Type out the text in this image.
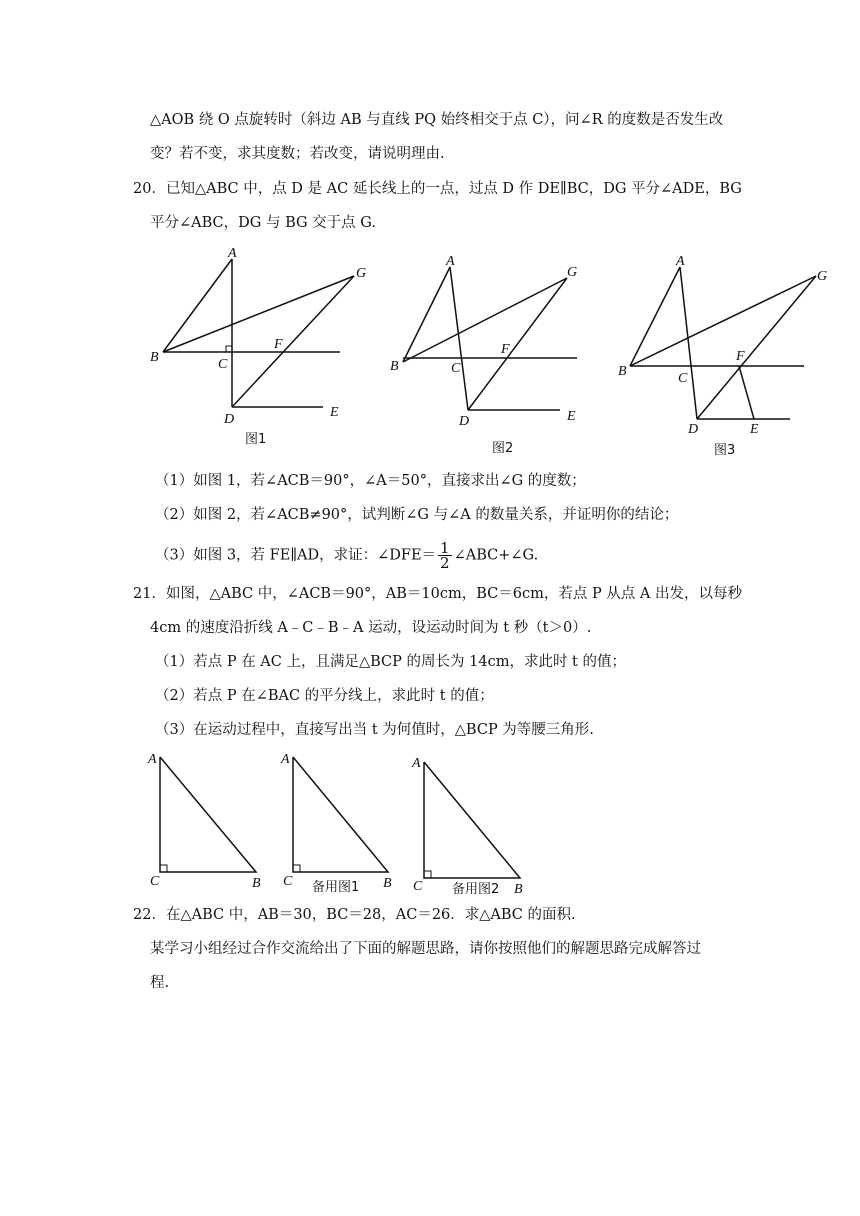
△AOB 绕 O 点旋转时（斜边 AB 与直线 PQ 始终相交于点 C），问∠R 的度数是否发生改
变？若不变，求其度数；若改变，请说明理由.
20．已知△ABC 中，点 D 是 AC 延长线上的一点，过点 D 作 DE∥BC，DG 平分∠ADE，BG
平分∠ABC，DG 与 BG 交于点 G.
A
B	C
D	E
F
G
图1
A
B	C
D	E
F
G
图2
A
B	C
D	E
F
G
图3
（1）如图 1，若∠ACB＝90°，∠A＝50°，直接求出∠G 的度数；
（2）如图 2，若∠ACB≠90°，试判断∠G 与∠A 的数量关系，并证明你的结论；
（3）如图 3，若 FE∥AD，求证：∠DFE＝ $\frac{1}{2}$ ∠ABC+∠G.
21．如图，△ABC 中，∠ACB＝90°，AB＝10cm，BC＝6cm，若点 P 从点 A 出发，以每秒
4cm 的速度沿折线 A﹣C﹣B﹣A 运动，设运动时间为 t 秒（t＞0）.
（1）若点 P 在 AC 上，且满足△BCP 的周长为 14cm，求此时 t 的值；
（2）若点 P 在∠BAC 的平分线上，求此时 t 的值；
（3）在运动过程中，直接写出当 t 为何值时，△BCP 为等腰三角形.
A
C	B
A
C	B
备用图1
A
C	B
备用图2
22．在△ABC 中，AB＝30，BC＝28，AC＝26．求△ABC 的面积.
某学习小组经过合作交流给出了下面的解题思路，请你按照他们的解题思路完成解答过
程.
